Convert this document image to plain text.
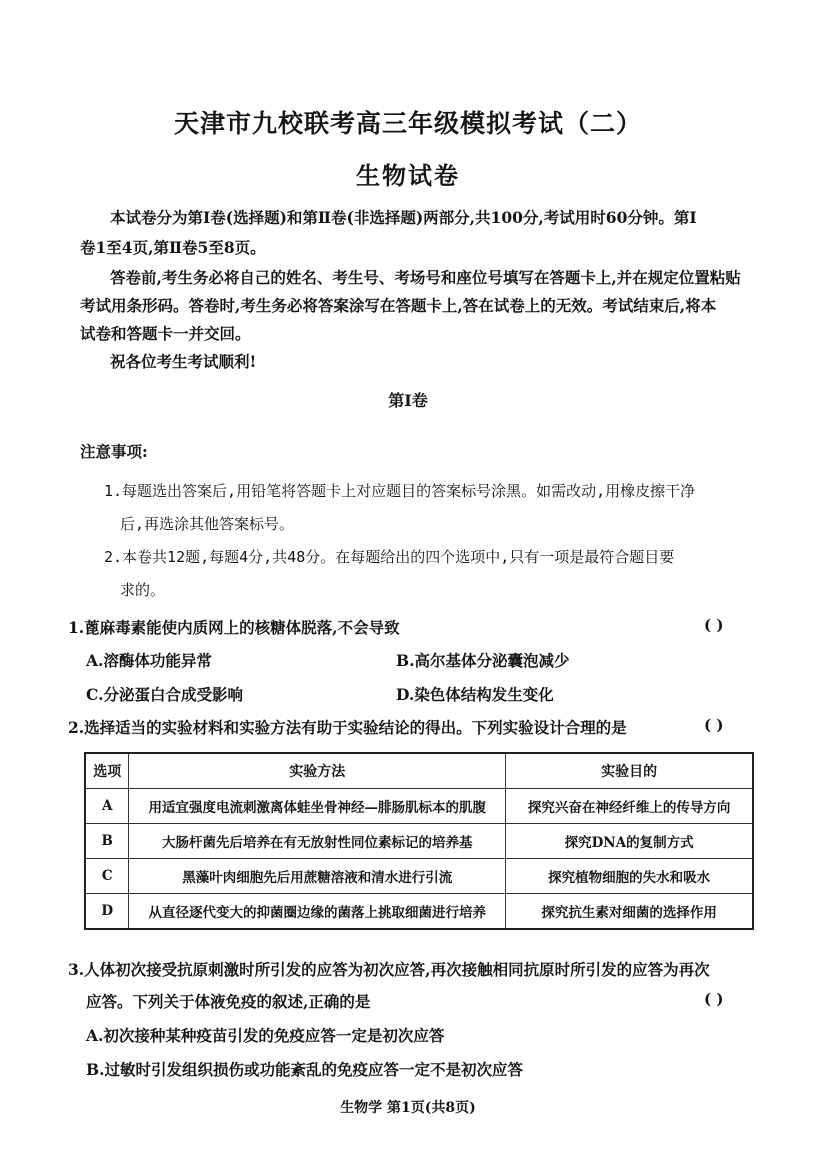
天津市九校联考高三年级模拟考试（二）
生物试卷
本试卷分为第Ⅰ卷(选择题)和第Ⅱ卷(非选择题)两部分,共100分,考试用时60分钟。第Ⅰ
卷1至4页,第Ⅱ卷5至8页。
答卷前,考生务必将自己的姓名、考生号、考场号和座位号填写在答题卡上,并在规定位置粘贴
考试用条形码。答卷时,考生务必将答案涂写在答题卡上,答在试卷上的无效。考试结束后,将本
试卷和答题卡一并交回。
祝各位考生考试顺利!
第Ⅰ卷
注意事项:
1.每题选出答案后,用铅笔将答题卡上对应题目的答案标号涂黑。如需改动,用橡皮擦干净
后,再选涂其他答案标号。
2.本卷共12题,每题4分,共48分。在每题给出的四个选项中,只有一项是最符合题目要
求的。
1.蓖麻毒素能使内质网上的核糖体脱落,不会导致	( )
A.溶酶体功能异常	B.高尔基体分泌囊泡减少
C.分泌蛋白合成受影响	D.染色体结构发生变化
2.选择适当的实验材料和实验方法有助于实验结论的得出。下列实验设计合理的是	( )
选项	实验方法	实验目的
A	用适宜强度电流刺激离体蛙坐骨神经—腓肠肌标本的肌腹	探究兴奋在神经纤维上的传导方向
B	大肠杆菌先后培养在有无放射性同位素标记的培养基	探究DNA的复制方式
C	黑藻叶肉细胞先后用蔗糖溶液和清水进行引流	探究植物细胞的失水和吸水
D	从直径逐代变大的抑菌圈边缘的菌落上挑取细菌进行培养	探究抗生素对细菌的选择作用
3.人体初次接受抗原刺激时所引发的应答为初次应答,再次接触相同抗原时所引发的应答为再次
应答。下列关于体液免疫的叙述,正确的是	( )
A.初次接种某种疫苗引发的免疫应答一定是初次应答
B.过敏时引发组织损伤或功能紊乱的免疫应答一定不是初次应答
生物学 第1页(共8页)
